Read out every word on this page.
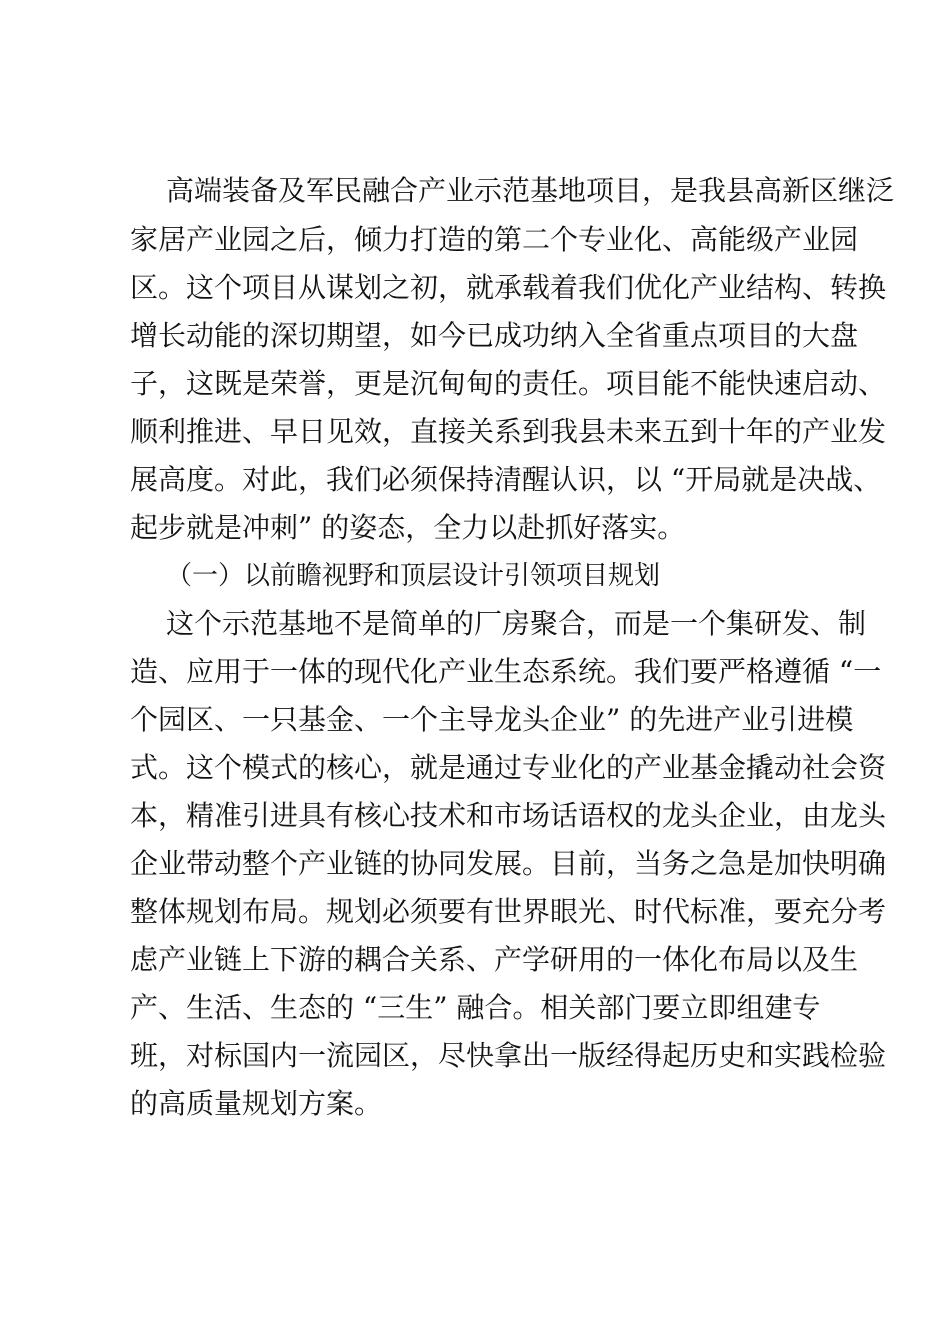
高端装备及军民融合产业示范基地项目，是我县高新区继泛
家居产业园之后，倾力打造的第二个专业化、高能级产业园
区。这个项目从谋划之初，就承载着我们优化产业结构、转换
增长动能的深切期望，如今已成功纳入全省重点项目的大盘
子，这既是荣誉，更是沉甸甸的责任。项目能不能快速启动、
顺利推进、早日见效，直接关系到我县未来五到十年的产业发
展高度。对此，我们必须保持清醒认识，以 “开局就是决战、
起步就是冲刺” 的姿态，全力以赴抓好落实。
（一）以前瞻视野和顶层设计引领项目规划
这个示范基地不是简单的厂房聚合，而是一个集研发、制
造、应用于一体的现代化产业生态系统。我们要严格遵循 “一
个园区、一只基金、一个主导龙头企业” 的先进产业引进模
式。这个模式的核心，就是通过专业化的产业基金撬动社会资
本，精准引进具有核心技术和市场话语权的龙头企业，由龙头
企业带动整个产业链的协同发展。目前，当务之急是加快明确
整体规划布局。规划必须要有世界眼光、时代标准，要充分考
虑产业链上下游的耦合关系、产学研用的一体化布局以及生
产、生活、生态的 “三生” 融合。相关部门要立即组建专
班，对标国内一流园区，尽快拿出一版经得起历史和实践检验
的高质量规划方案。
